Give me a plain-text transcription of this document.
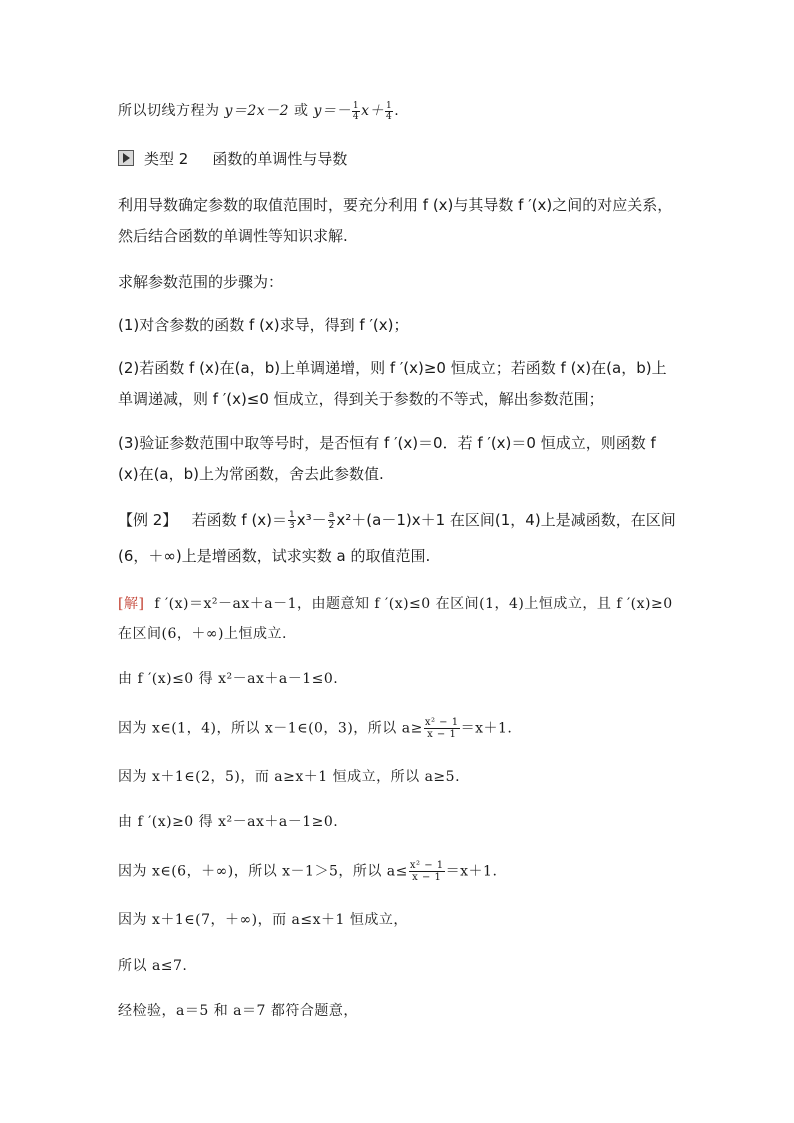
所以切线方程为 y＝2x－2 或 $y=- \frac{1}{4} x+ \frac{1}{4}$ .
类型 2 函数的单调性与导数
利用导数确定参数的取值范围时，要充分利用 f (x)与其导数 f ′(x)之间的对应关系，
然后结合函数的单调性等知识求解.
求解参数范围的步骤为：
(1)对含参数的函数 f (x)求导，得到 f ′(x)；
(2)若函数 f (x)在(a，b)上单调递增，则 f ′(x)≥0 恒成立；若函数 f (x)在(a，b)上
单调递减，则 f ′(x)≤0 恒成立，得到关于参数的不等式，解出参数范围；
(3)验证参数范围中取等号时，是否恒有 f ′(x)＝0．若 f ′(x)＝0 恒成立，则函数 f
(x)在(a，b)上为常函数，舍去此参数值.
【例 2】 若函数 f $(x)= \frac{1}{3} x^3- \frac{a}{2} x^2+(a-1)x+1$ 在区间(1，4)上是减函数，在区间
(6，＋∞)上是增函数，试求实数 a 的取值范围.
[解] f ′(x)＝x²－ax＋a－1，由题意知 f ′(x)≤0 在区间(1，4)上恒成立，且 f ′(x)≥0
在区间(6，＋∞)上恒成立.
由 f ′(x)≤0 得 x²－ax＋a－1≤0.
因为 x∈(1，4)，所以 x－1∈(0，3)，所以 $a\ge \frac{\text{x² − 1}}{x - 1} =x+1$.
因为 x＋1∈(2，5)，而 a≥x＋1 恒成立，所以 a≥5.
由 f ′(x)≥0 得 x²－ax＋a－1≥0.
因为 x∈(6，＋∞)，所以 x－1＞5，所以 $a\le \frac{\text{x² − 1}}{x - 1} =x+1$.
因为 x＋1∈(7，＋∞)，而 a≤x＋1 恒成立，
所以 a≤7.
经检验，a＝5 和 a＝7 都符合题意，
